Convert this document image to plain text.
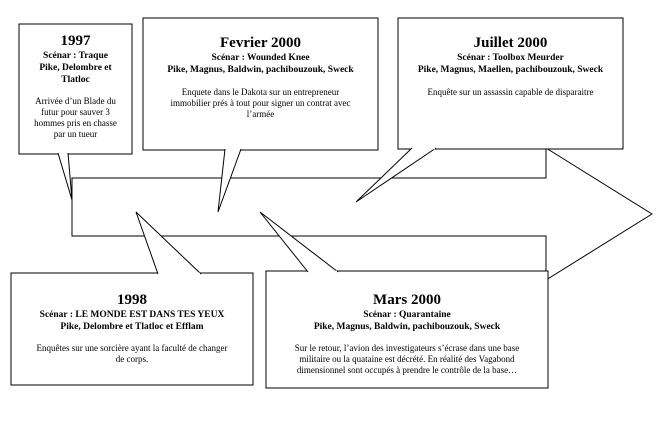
1997
Scénar : Traque
Pike, Delombre et
Tlatloc
Arrivée d’un Blade du
futur pour sauver 3
hommes pris en chasse
par un tueur
Fevrier 2000
Scénar : Wounded Knee
Pike, Magnus, Baldwin, pachibouzouk, Sweck
Enquete dans le Dakota sur un entrepreneur
immobilier prés à tout pour signer un contrat avec
l’armée
Juillet 2000
Scénar : Toolbox Meurder
Pike, Magnus, Maellen, pachibouzouk, Sweck
Enquête sur un assassin capable de disparaitre
1998
Scénar : LE MONDE EST DANS TES YEUX
Pike, Delombre et Tlatloc et Efflam
Enquêtes sur une sorcière ayant la faculté de changer
de corps.
Mars 2000
Scénar : Quarantaine
Pike, Magnus, Baldwin, pachibouzouk, Sweck
Sur le retour, l’avion des investigateurs s’écrase dans une base
militaire ou la quataine est décrété. En réalité des Vagabond
dimensionnel sont occupés à prendre le contrôle de la base…
